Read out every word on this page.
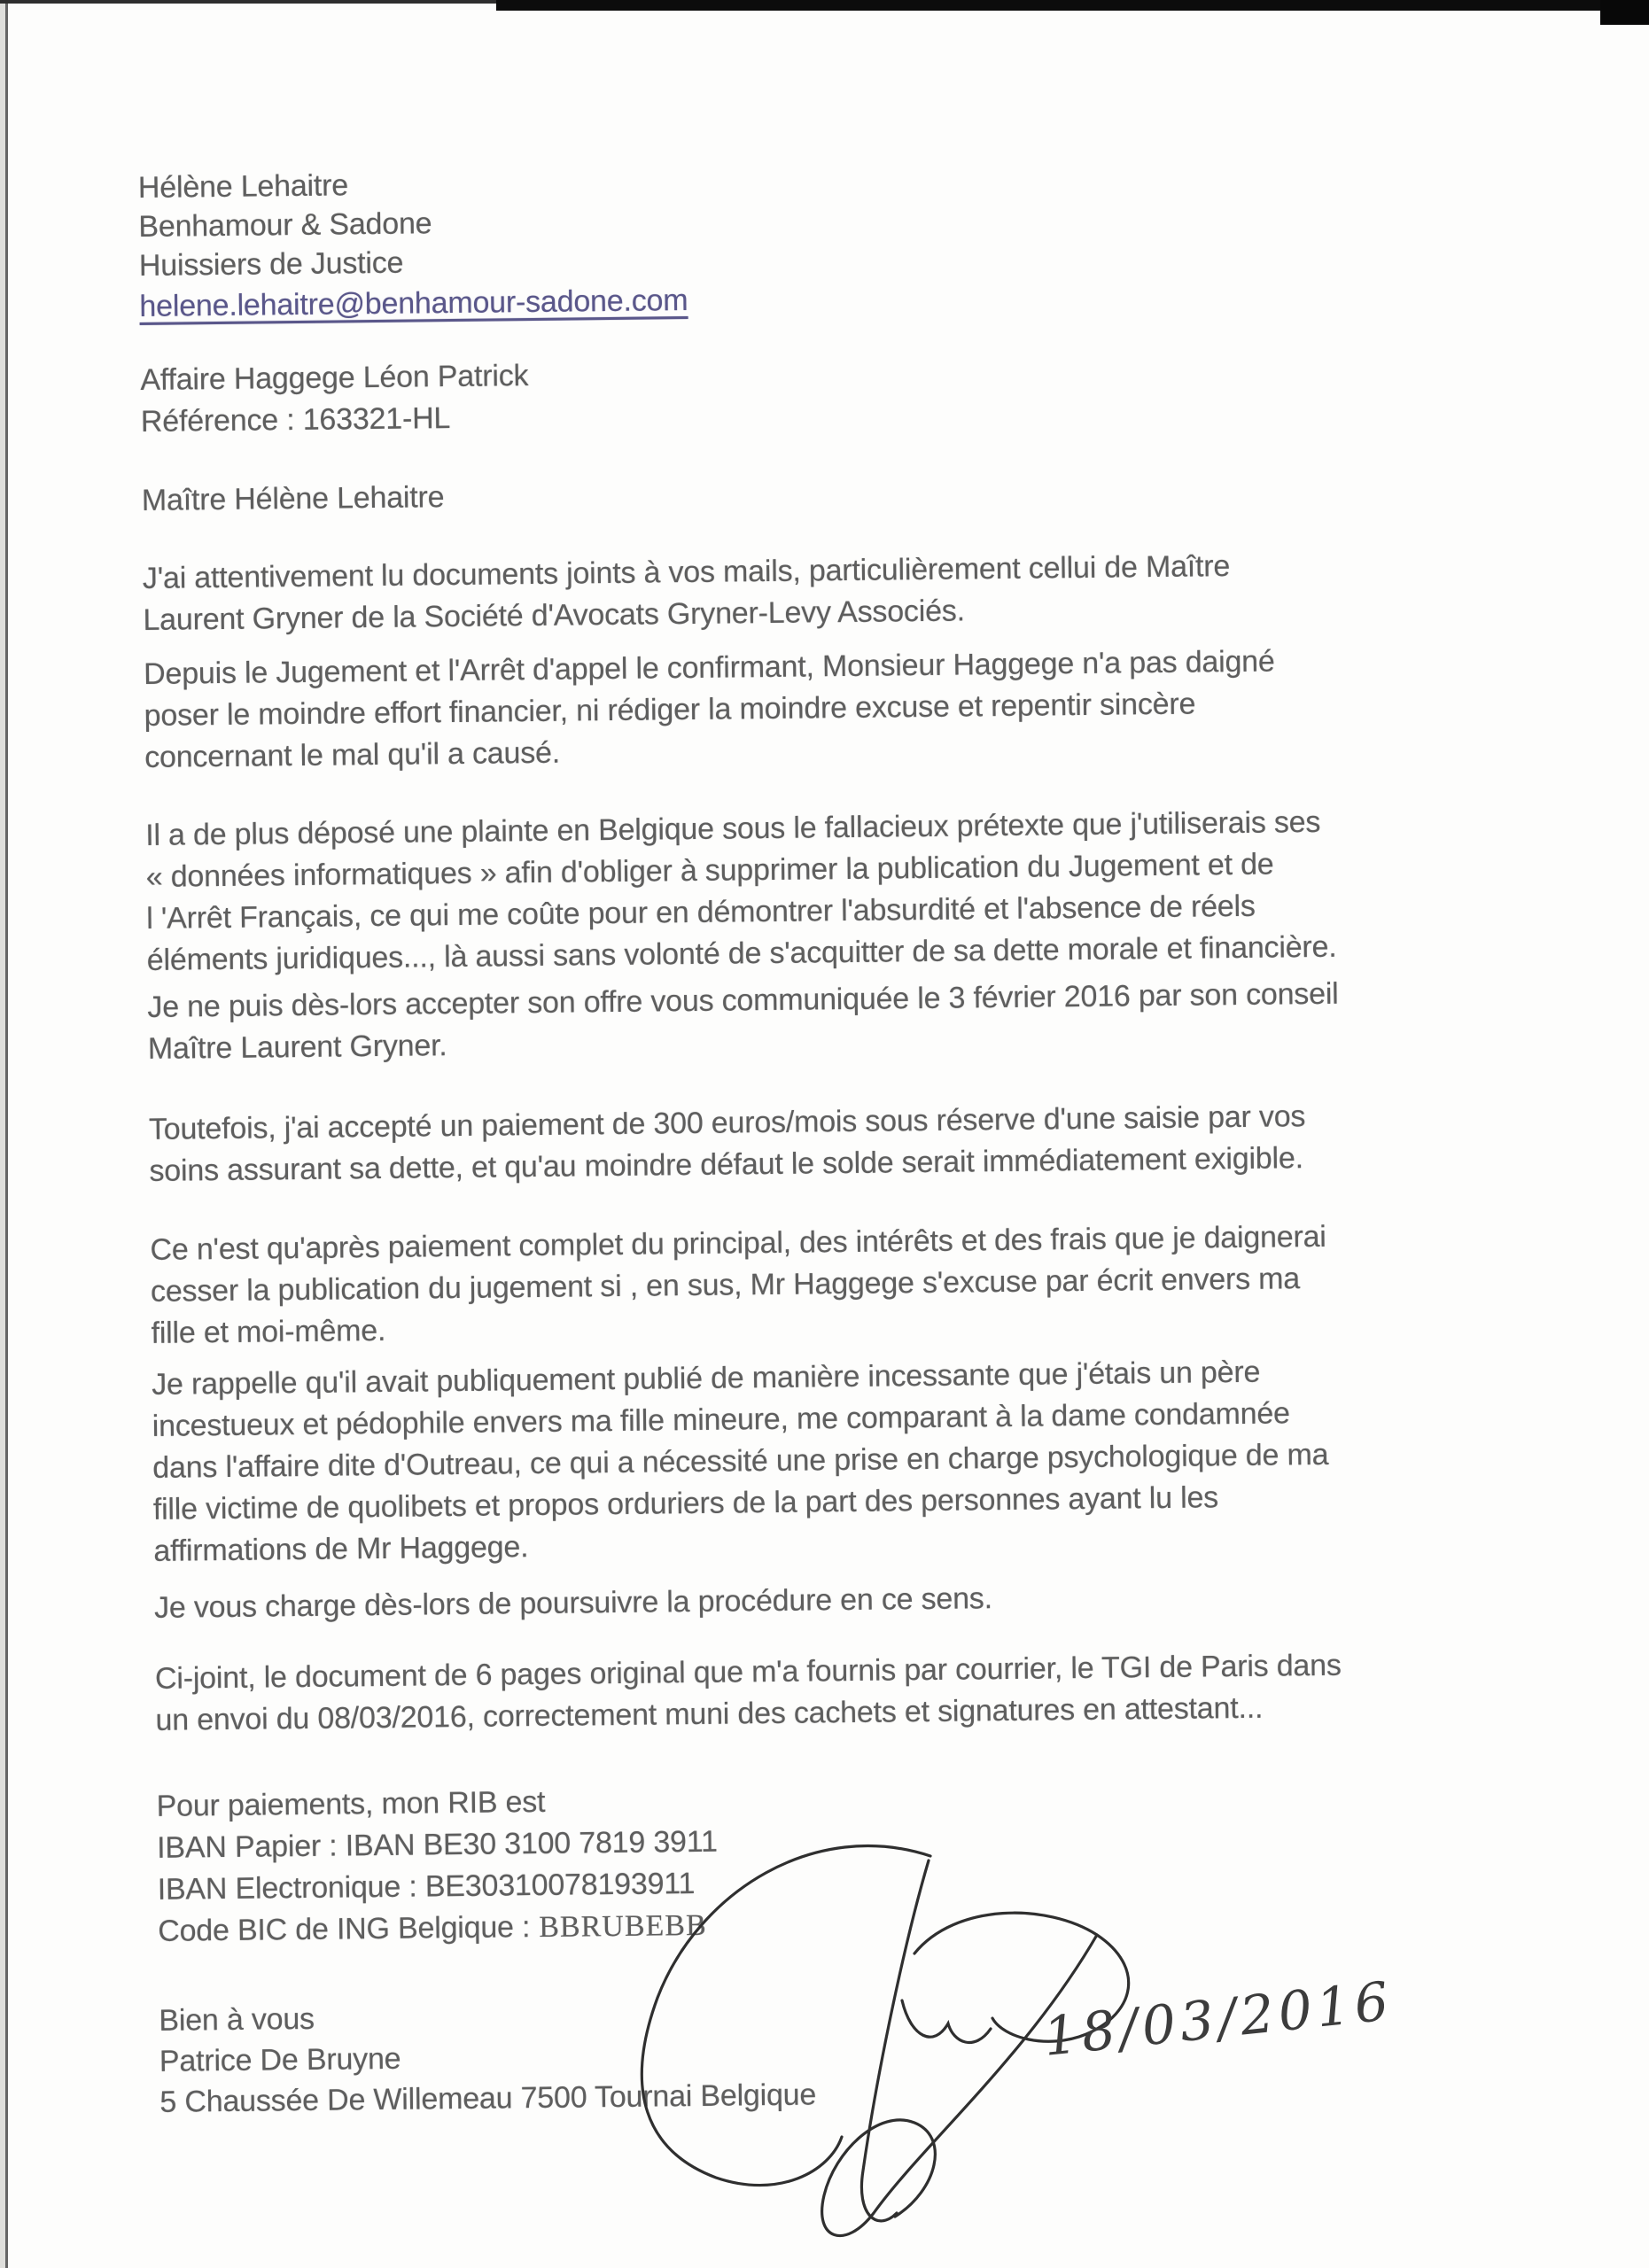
Hélène Lehaitre
Benhamour & Sadone
Huissiers de Justice
helene.lehaitre@benhamour-sadone.com
Affaire Haggege Léon Patrick
Référence : 163321-HL
Maître Hélène Lehaitre
J'ai attentivement lu documents joints à vos mails, particulièrement cellui de Maître
Laurent Gryner de la Société d'Avocats Gryner-Levy Associés.
Depuis le Jugement et l'Arrêt d'appel le confirmant, Monsieur Haggege n'a pas daigné
poser le moindre effort financier, ni rédiger la moindre excuse et repentir sincère
concernant le mal qu'il a causé.
Il a de plus déposé une plainte en Belgique sous le fallacieux prétexte que j'utiliserais ses
« données informatiques » afin d'obliger à supprimer la publication du Jugement et de
l 'Arrêt Français, ce qui me coûte pour en démontrer l'absurdité et l'absence de réels
éléments juridiques..., là aussi sans volonté de s'acquitter de sa dette morale et financière.
Je ne puis dès-lors accepter son offre vous communiquée le 3 février 2016 par son conseil
Maître Laurent Gryner.
Toutefois, j'ai accepté un paiement de 300 euros/mois sous réserve d'une saisie par vos
soins assurant sa dette, et qu'au moindre défaut le solde serait immédiatement exigible.
Ce n'est qu'après paiement complet du principal, des intérêts et des frais que je daignerai
cesser la publication du jugement si , en sus, Mr Haggege s'excuse par écrit envers ma
fille et moi-même.
Je rappelle qu'il avait publiquement publié de manière incessante que j'étais un père
incestueux et pédophile envers ma fille mineure, me comparant à la dame condamnée
dans l'affaire dite d'Outreau, ce qui a nécessité une prise en charge psychologique de ma
fille victime de quolibets et propos orduriers de la part des personnes ayant lu les
affirmations de Mr Haggege.
Je vous charge dès-lors de poursuivre la procédure en ce sens.
Ci-joint, le document de 6 pages original que m'a fournis par courrier, le TGI de Paris dans
un envoi du 08/03/2016, correctement muni des cachets et signatures en attestant...
Pour paiements, mon RIB est
IBAN Papier : IBAN BE30 3100 7819 3911
IBAN Electronique : BE30310078193911
Code BIC de ING Belgique : BBRUBEBB
Bien à vous
Patrice De Bruyne
5 Chaussée De Willemeau 7500 Tournai Belgique
18/03/2016
